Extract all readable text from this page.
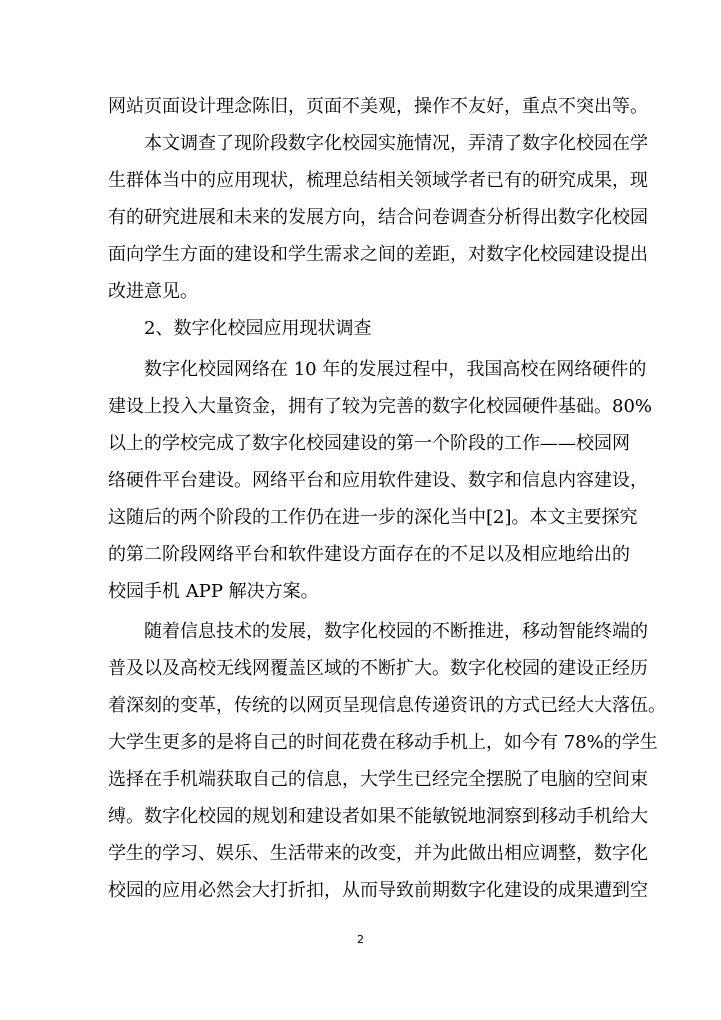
网站页面设计理念陈旧，页面不美观，操作不友好，重点不突出等。
本文调查了现阶段数字化校园实施情况，弄清了数字化校园在学
生群体当中的应用现状，梳理总结相关领域学者已有的研究成果，现
有的研究进展和未来的发展方向，结合问卷调查分析得出数字化校园
面向学生方面的建设和学生需求之间的差距，对数字化校园建设提出
改进意见。
2、数字化校园应用现状调查
数字化校园网络在 10 年的发展过程中，我国高校在网络硬件的
建设上投入大量资金，拥有了较为完善的数字化校园硬件基础。80%
以上的学校完成了数字化校园建设的第一个阶段的工作——校园网
络硬件平台建设。网络平台和应用软件建设、数字和信息内容建设，
这随后的两个阶段的工作仍在进一步的深化当中[2]。本文主要探究
的第二阶段网络平台和软件建设方面存在的不足以及相应地给出的
校园手机 APP 解决方案。
随着信息技术的发展，数字化校园的不断推进，移动智能终端的
普及以及高校无线网覆盖区域的不断扩大。数字化校园的建设正经历
着深刻的变革，传统的以网页呈现信息传递资讯的方式已经大大落伍。
大学生更多的是将自己的时间花费在移动手机上，如今有 78%的学生
选择在手机端获取自己的信息，大学生已经完全摆脱了电脑的空间束
缚。数字化校园的规划和建设者如果不能敏锐地洞察到移动手机给大
学生的学习、娱乐、生活带来的改变，并为此做出相应调整，数字化
校园的应用必然会大打折扣，从而导致前期数字化建设的成果遭到空
2
